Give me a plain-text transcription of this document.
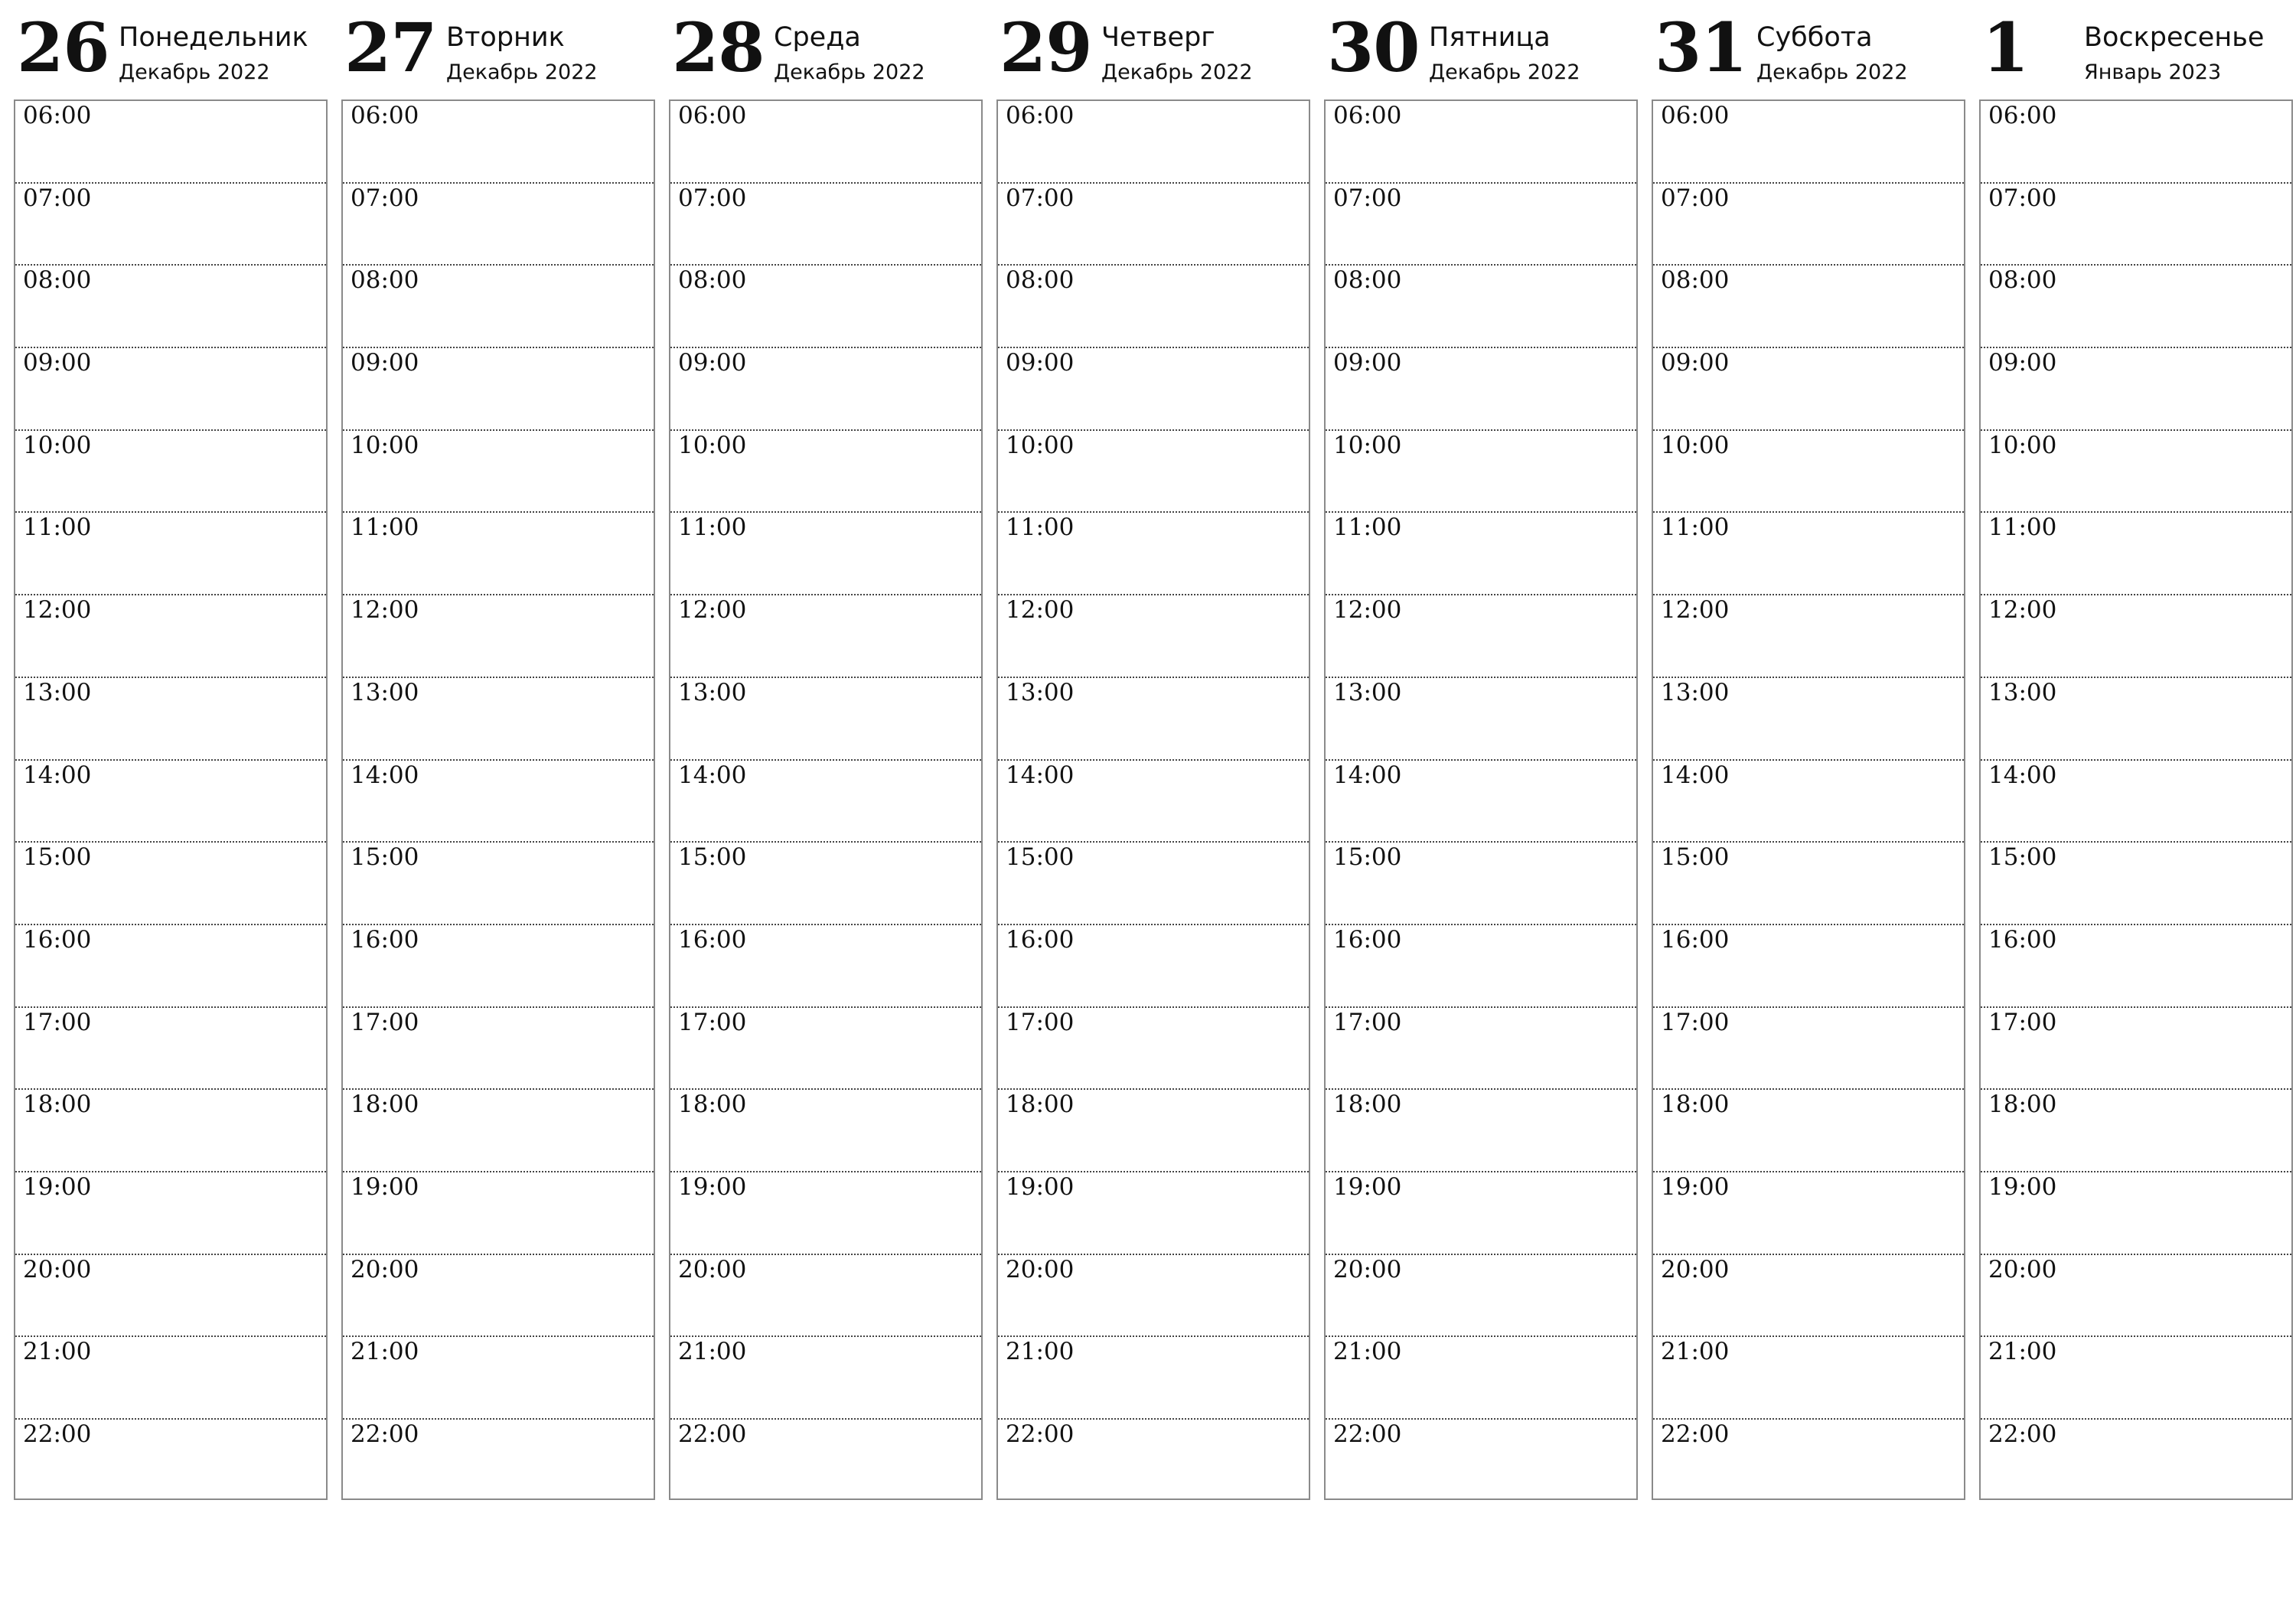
26 Понедельник
Декабрь 2022
06:00
07:00
08:00
09:00
10:00
11:00
12:00
13:00
14:00
15:00
16:00
17:00
18:00
19:00
20:00
21:00
22:00
27 Вторник
Декабрь 2022
06:00
07:00
08:00
09:00
10:00
11:00
12:00
13:00
14:00
15:00
16:00
17:00
18:00
19:00
20:00
21:00
22:00
28 Среда
Декабрь 2022
06:00
07:00
08:00
09:00
10:00
11:00
12:00
13:00
14:00
15:00
16:00
17:00
18:00
19:00
20:00
21:00
22:00
29 Четверг
Декабрь 2022
06:00
07:00
08:00
09:00
10:00
11:00
12:00
13:00
14:00
15:00
16:00
17:00
18:00
19:00
20:00
21:00
22:00
30 Пятница
Декабрь 2022
06:00
07:00
08:00
09:00
10:00
11:00
12:00
13:00
14:00
15:00
16:00
17:00
18:00
19:00
20:00
21:00
22:00
31 Суббота
Декабрь 2022
06:00
07:00
08:00
09:00
10:00
11:00
12:00
13:00
14:00
15:00
16:00
17:00
18:00
19:00
20:00
21:00
22:00
1 Воскресенье
Январь 2023
06:00
07:00
08:00
09:00
10:00
11:00
12:00
13:00
14:00
15:00
16:00
17:00
18:00
19:00
20:00
21:00
22:00
